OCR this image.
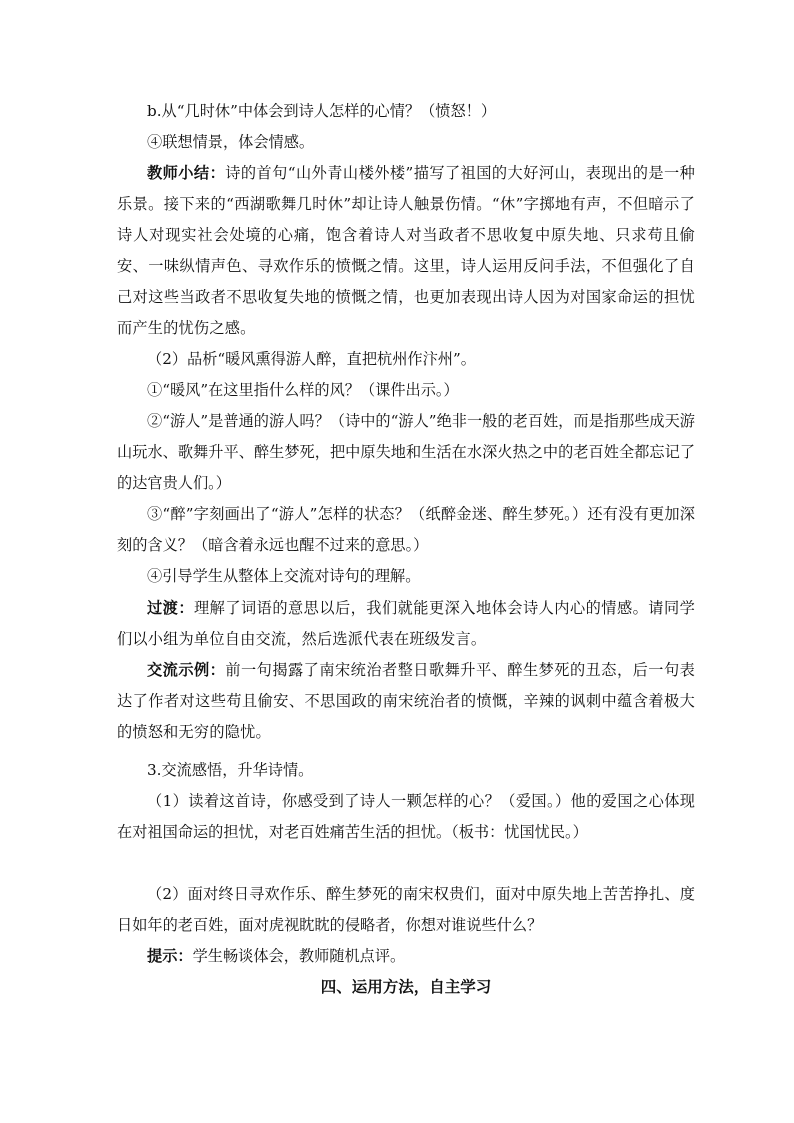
b.从“几时休”中体会到诗人怎样的心情？（愤怒！）

④联想情景，体会情感。

教师小结：诗的首句“山外青山楼外楼”描写了祖国的大好河山，表现出的是一种乐景。接下来的“西湖歌舞几时休”却让诗人触景伤情。“休”字掷地有声，不但暗示了诗人对现实社会处境的心痛，饱含着诗人对当政者不思收复中原失地、只求苟且偷安、一味纵情声色、寻欢作乐的愤慨之情。这里，诗人运用反问手法，不但强化了自己对这些当政者不思收复失地的愤慨之情，也更加表现出诗人因为对国家命运的担忧而产生的忧伤之感。

（2）品析“暖风熏得游人醉，直把杭州作汴州”。

①“暖风”在这里指什么样的风？（课件出示。）

②“游人”是普通的游人吗？（诗中的“游人”绝非一般的老百姓，而是指那些成天游山玩水、歌舞升平、醉生梦死，把中原失地和生活在水深火热之中的老百姓全都忘记了的达官贵人们。）

③“醉”字刻画出了“游人”怎样的状态？（纸醉金迷、醉生梦死。）还有没有更加深刻的含义？（暗含着永远也醒不过来的意思。）

④引导学生从整体上交流对诗句的理解。

过渡：理解了词语的意思以后，我们就能更深入地体会诗人内心的情感。请同学们以小组为单位自由交流，然后选派代表在班级发言。

交流示例：前一句揭露了南宋统治者整日歌舞升平、醉生梦死的丑态，后一句表达了作者对这些苟且偷安、不思国政的南宋统治者的愤慨，辛辣的讽刺中蕴含着极大的愤怒和无穷的隐忧。

3.交流感悟，升华诗情。

（1）读着这首诗，你感受到了诗人一颗怎样的心？（爱国。）他的爱国之心体现在对祖国命运的担忧，对老百姓痛苦生活的担忧。（板书：忧国忧民。）

（2）面对终日寻欢作乐、醉生梦死的南宋权贵们，面对中原失地上苦苦挣扎、度日如年的老百姓，面对虎视眈眈的侵略者，你想对谁说些什么？

提示：学生畅谈体会，教师随机点评。

四、运用方法，自主学习
